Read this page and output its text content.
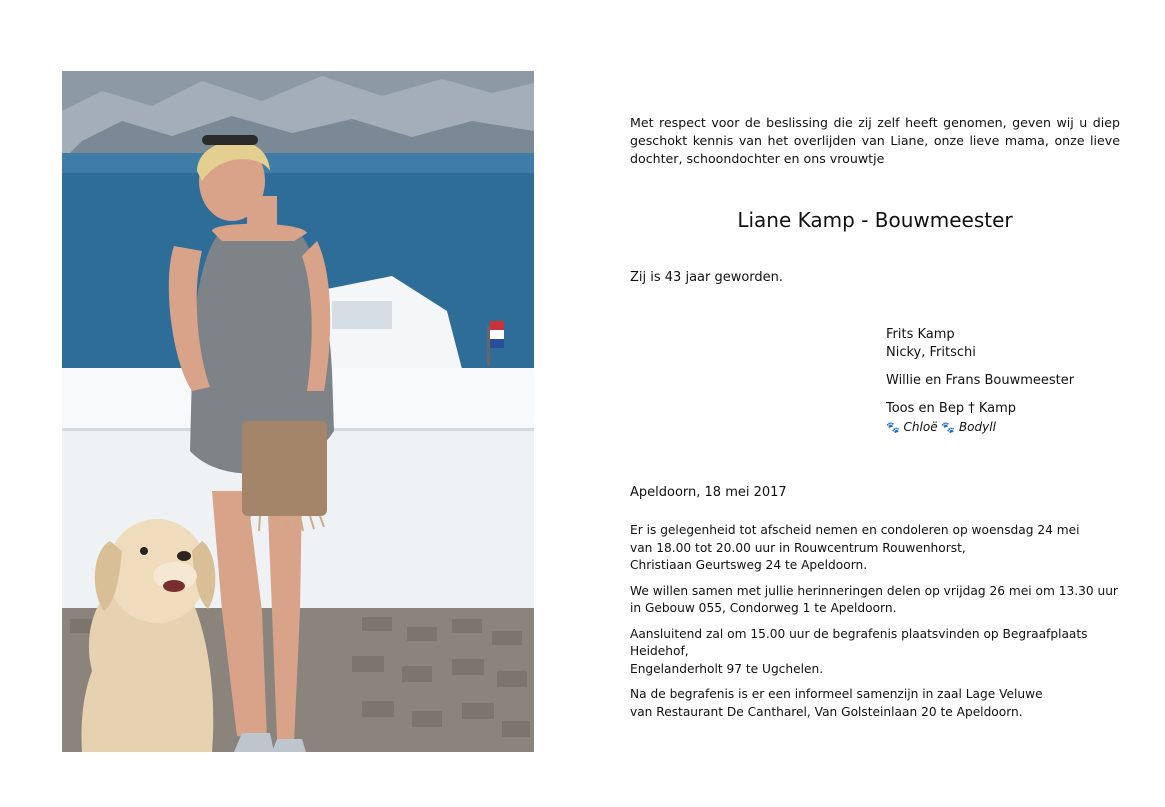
Met respect voor de beslissing die zij zelf heeft genomen, geven wij u diep geschokt kennis van het overlijden van Liane, onze lieve mama, onze lieve dochter, schoondochter en ons vrouwtje

Liane Kamp - Bouwmeester

Zij is 43 jaar geworden.

Frits Kamp

Nicky, Fritschi

Willie en Frans Bouwmeester

Toos en Bep † Kamp

🐾 Chloë 🐾 Bodyll

Apeldoorn, 18 mei 2017

Er is gelegenheid tot afscheid nemen en condoleren op woensdag 24 mei
van 18.00 tot 20.00 uur in Rouwcentrum Rouwenhorst,
Christiaan Geurtsweg 24 te Apeldoorn.

We willen samen met jullie herinneringen delen op vrijdag 26 mei om 13.30 uur
in Gebouw 055, Condorweg 1 te Apeldoorn.

Aansluitend zal om 15.00 uur de begrafenis plaatsvinden op Begraafplaats Heidehof,
Engelanderholt 97 te Ugchelen.

Na de begrafenis is er een informeel samenzijn in zaal Lage Veluwe
van Restaurant De Cantharel, Van Golsteinlaan 20 te Apeldoorn.
